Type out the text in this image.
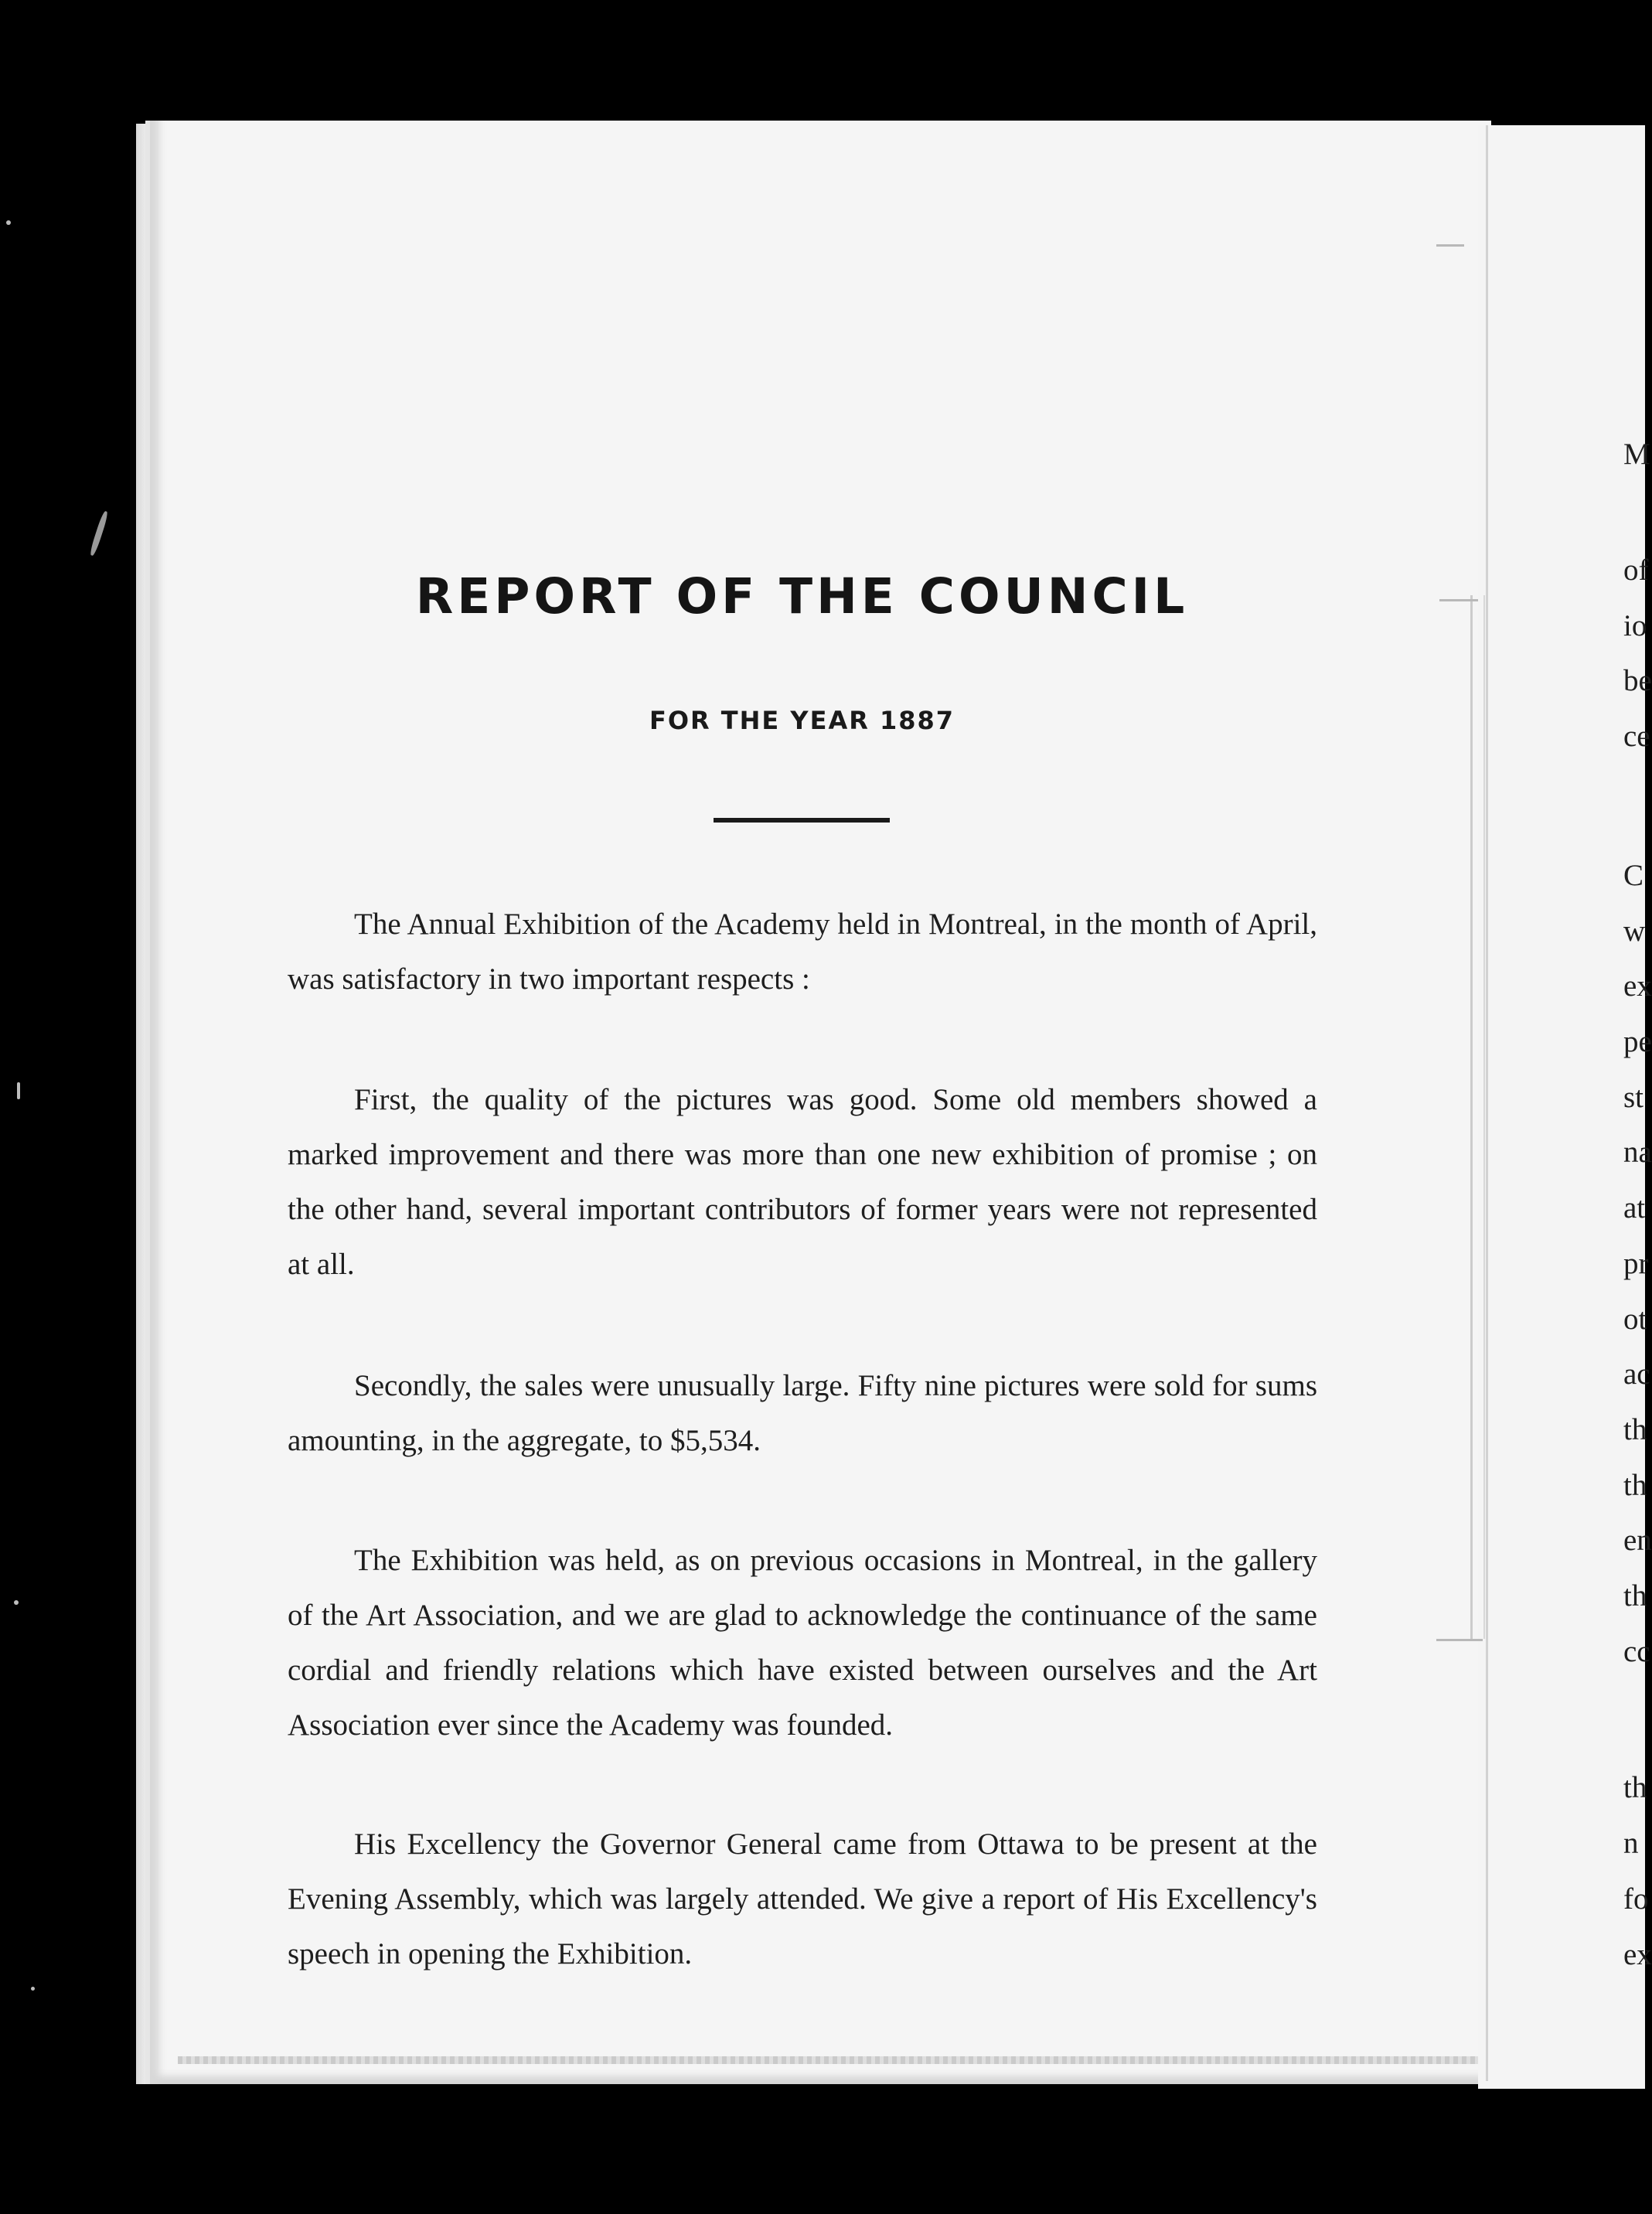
REPORT OF THE COUNCIL
FOR THE YEAR 1887

The Annual Exhibition of the Academy held in Montreal, in the month of April, was satisfactory in two important respects :

First, the quality of the pictures was good. Some old members showed a marked improvement and there was more than one new exhibition of promise ; on the other hand, several important contributors of former years were not represented at all.

Secondly, the sales were unusually large. Fifty nine pictures were sold for sums amounting, in the aggregate, to $5,534.

The Exhibition was held, as on previous occasions in Montreal, in the gallery of the Art Association, and we are glad to acknowledge the continuance of the same cordial and friendly relations which have existed between ourselves and the Art Association ever since the Academy was founded.

His Excellency the Governor General came from Ottawa to be present at the Evening Assembly, which was largely attended. We give a report of His Excellency's speech in opening the Exhibition.

M
of
io
be
ce
C
w
ex
pe
st
na
at
pr
ot
ac
th
th
en
th
cc
th
n
fo
ex
